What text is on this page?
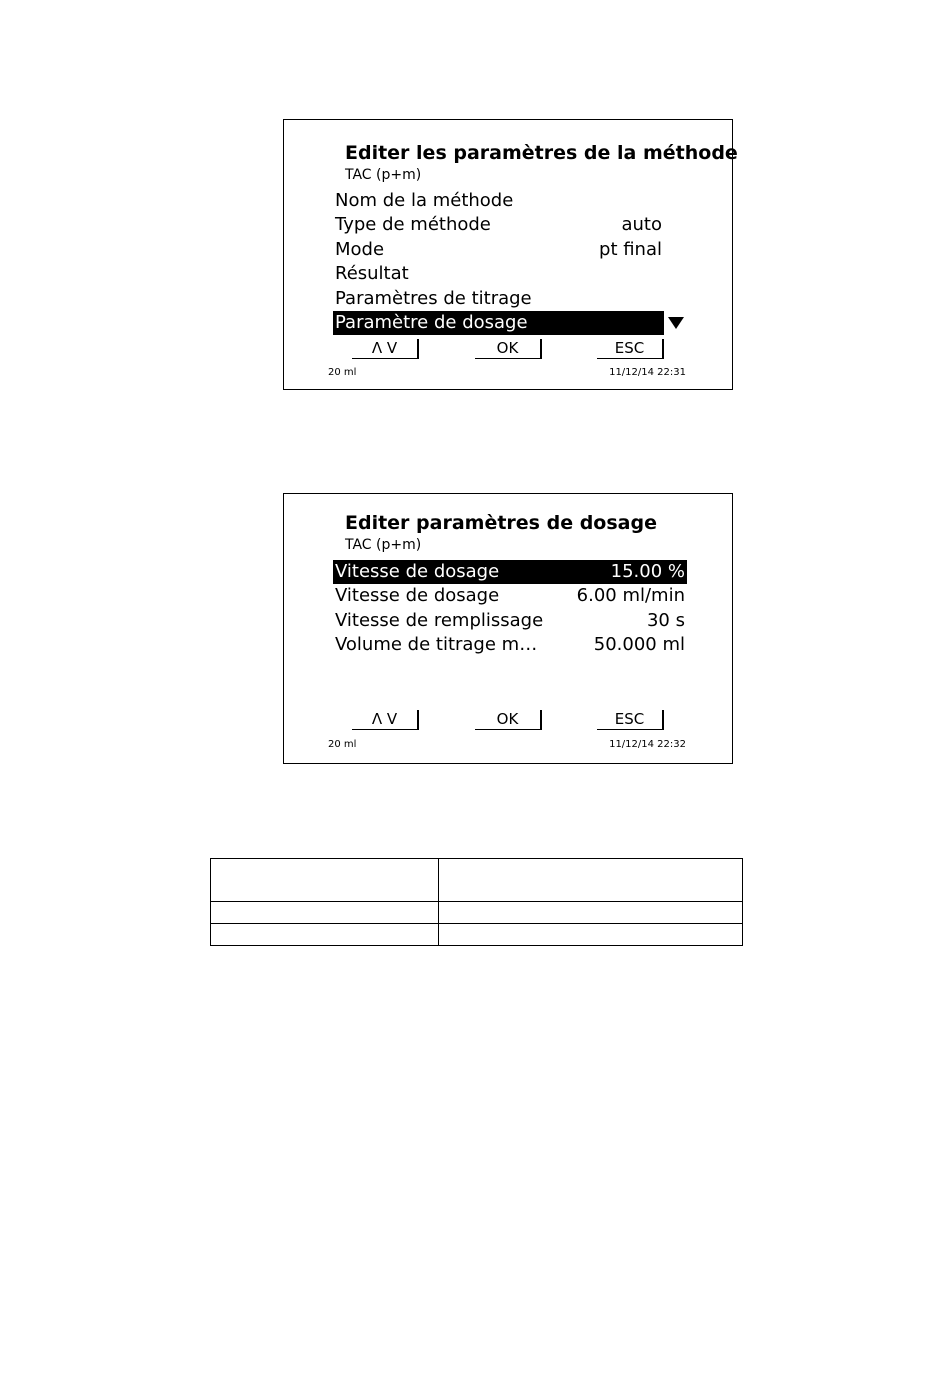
Editer les paramètres de la méthode
TAC (p+m)
Nom de la méthode
Type de méthode	auto
Mode	pt final
Résultat
Paramètres de titrage
Paramètre de dosage
Λ V	OK	ESC
20 ml	11/12/14 22:31
Editer paramètres de dosage
TAC (p+m)
Vitesse de dosage	15.00 %
Vitesse de dosage	6.00 ml/min
Vitesse de remplissage	30 s
Volume de titrage m…	50.000 ml
Λ V	OK	ESC
20 ml	11/12/14 22:32
